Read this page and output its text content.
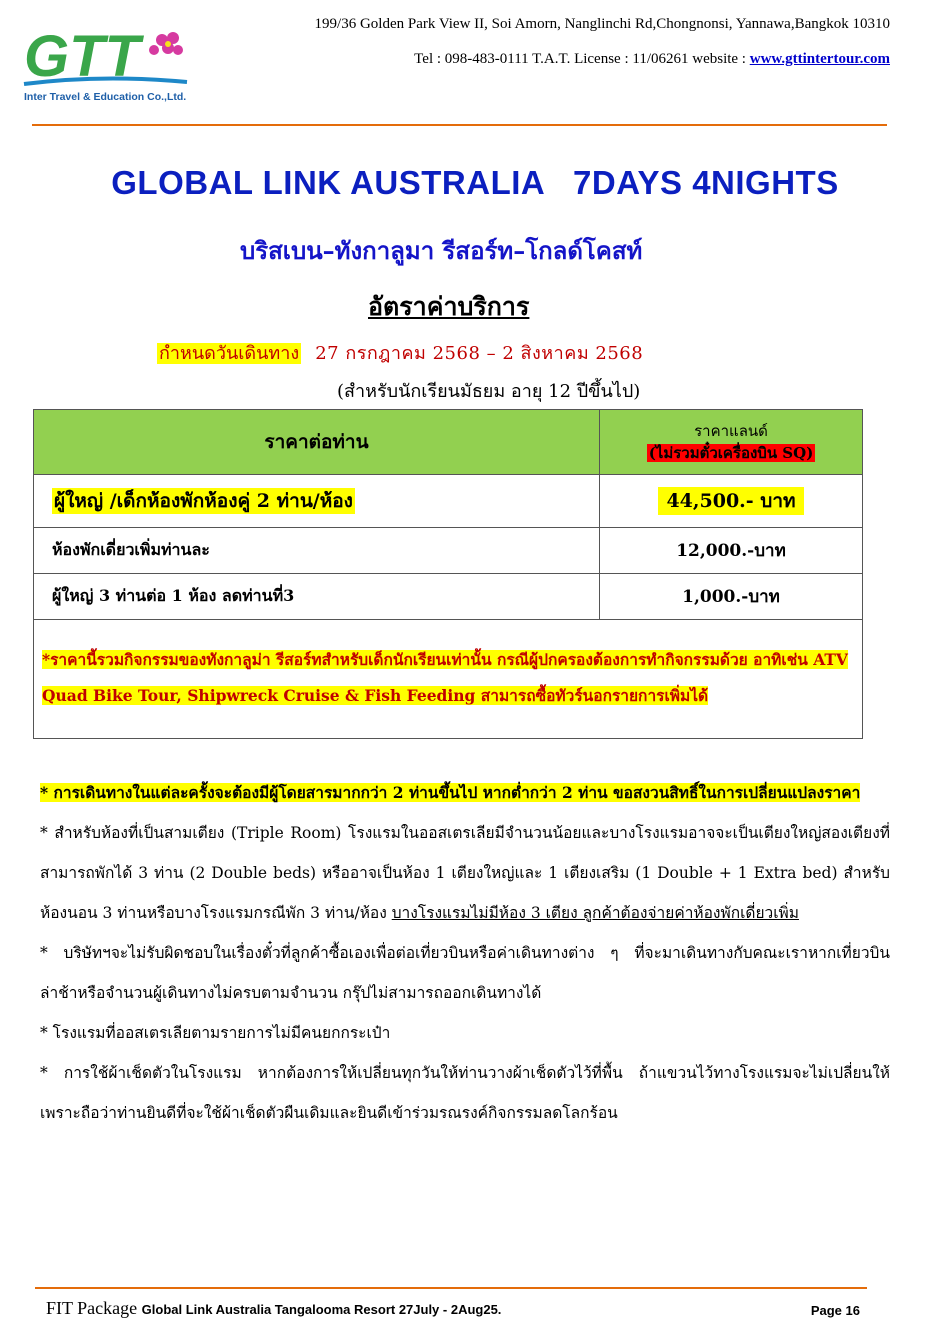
GTT
Inter Travel & Education Co.,Ltd.
199/36 Golden Park View II, Soi Amorn, Nanglinchi Rd,Chongnonsi, Yannawa,Bangkok 10310
Tel : 098-483-0111 T.A.T. License : 11/06261 website : www.gttintertour.com
GLOBAL LINK AUSTRALIA   7DAYS 4NIGHTS
บริสเบน–ทังกาลูมา รีสอร์ท–โกลด์โคสท์
อัตราค่าบริการ
กำหนดวันเดินทาง 27 กรกฎาคม 2568 – 2 สิงหาคม 2568
(สำหรับนักเรียนมัธยม อายุ 12 ปีขึ้นไป)
ราคาต่อท่าน	ราคาแลนด์
(ไม่รวมตั๋วเครื่องบิน SQ)

ผู้ใหญ่ /เด็กห้องพักห้องคู่ 2 ท่าน/ห้อง	44,500.- บาท
ห้องพักเดี่ยวเพิ่มท่านละ	12,000.-บาท
ผู้ใหญ่ 3 ท่านต่อ 1 ห้อง ลดท่านที่3	1,000.-บาท
*ราคานี้รวมกิจกรรมของทังกาลูม่า รีสอร์ทสำหรับเด็กนักเรียนเท่านั้น กรณีผู้ปกครองต้องการทำกิจกรรมด้วย อาทิเช่น ATV Quad Bike Tour, Shipwreck Cruise & Fish Feeding สามารถซื้อทัวร์นอกรายการเพิ่มได้	

* การเดินทางในแต่ละครั้งจะต้องมีผู้โดยสารมากกว่า 2 ท่านขึ้นไป หากต่ำกว่า 2 ท่าน ขอสงวนสิทธิ์ในการเปลี่ยนแปลงราคา

* สำหรับห้องที่เป็นสามเตียง (Triple Room) โรงแรมในออสเตรเลียมีจำนวนน้อยและบางโรงแรมอาจจะเป็นเตียงใหญ่สองเตียงที่สามารถพักได้ 3 ท่าน (2 Double beds) หรืออาจเป็นห้อง 1 เตียงใหญ่และ 1 เตียงเสริม (1 Double + 1 Extra bed) สำหรับห้องนอน 3 ท่านหรือบางโรงแรมกรณีพัก 3 ท่าน/ห้อง บางโรงแรมไม่มีห้อง 3 เตียง ลูกค้าต้องจ่ายค่าห้องพักเดี่ยวเพิ่ม

* บริษัทฯจะไม่รับผิดชอบในเรื่องตั๋วที่ลูกค้าซื้อเองเพื่อต่อเที่ยวบินหรือค่าเดินทางต่าง ๆ ที่จะมาเดินทางกับคณะเราหากเที่ยวบินล่าช้าหรือจำนวนผู้เดินทางไม่ครบตามจำนวน กรุ๊ปไม่สามารถออกเดินทางได้

* โรงแรมที่ออสเตรเลียตามรายการไม่มีคนยกกระเป๋า

* การใช้ผ้าเช็ดตัวในโรงแรม หากต้องการให้เปลี่ยนทุกวันให้ท่านวางผ้าเช็ดตัวไว้ที่พื้น ถ้าแขวนไว้ทางโรงแรมจะไม่เปลี่ยนให้เพราะถือว่าท่านยินดีที่จะใช้ผ้าเช็ดตัวผืนเดิมและยินดีเข้าร่วมรณรงค์กิจกรรมลดโลกร้อน

FIT Package Global Link Australia Tangalooma Resort 27July - 2Aug25.	Page 16
